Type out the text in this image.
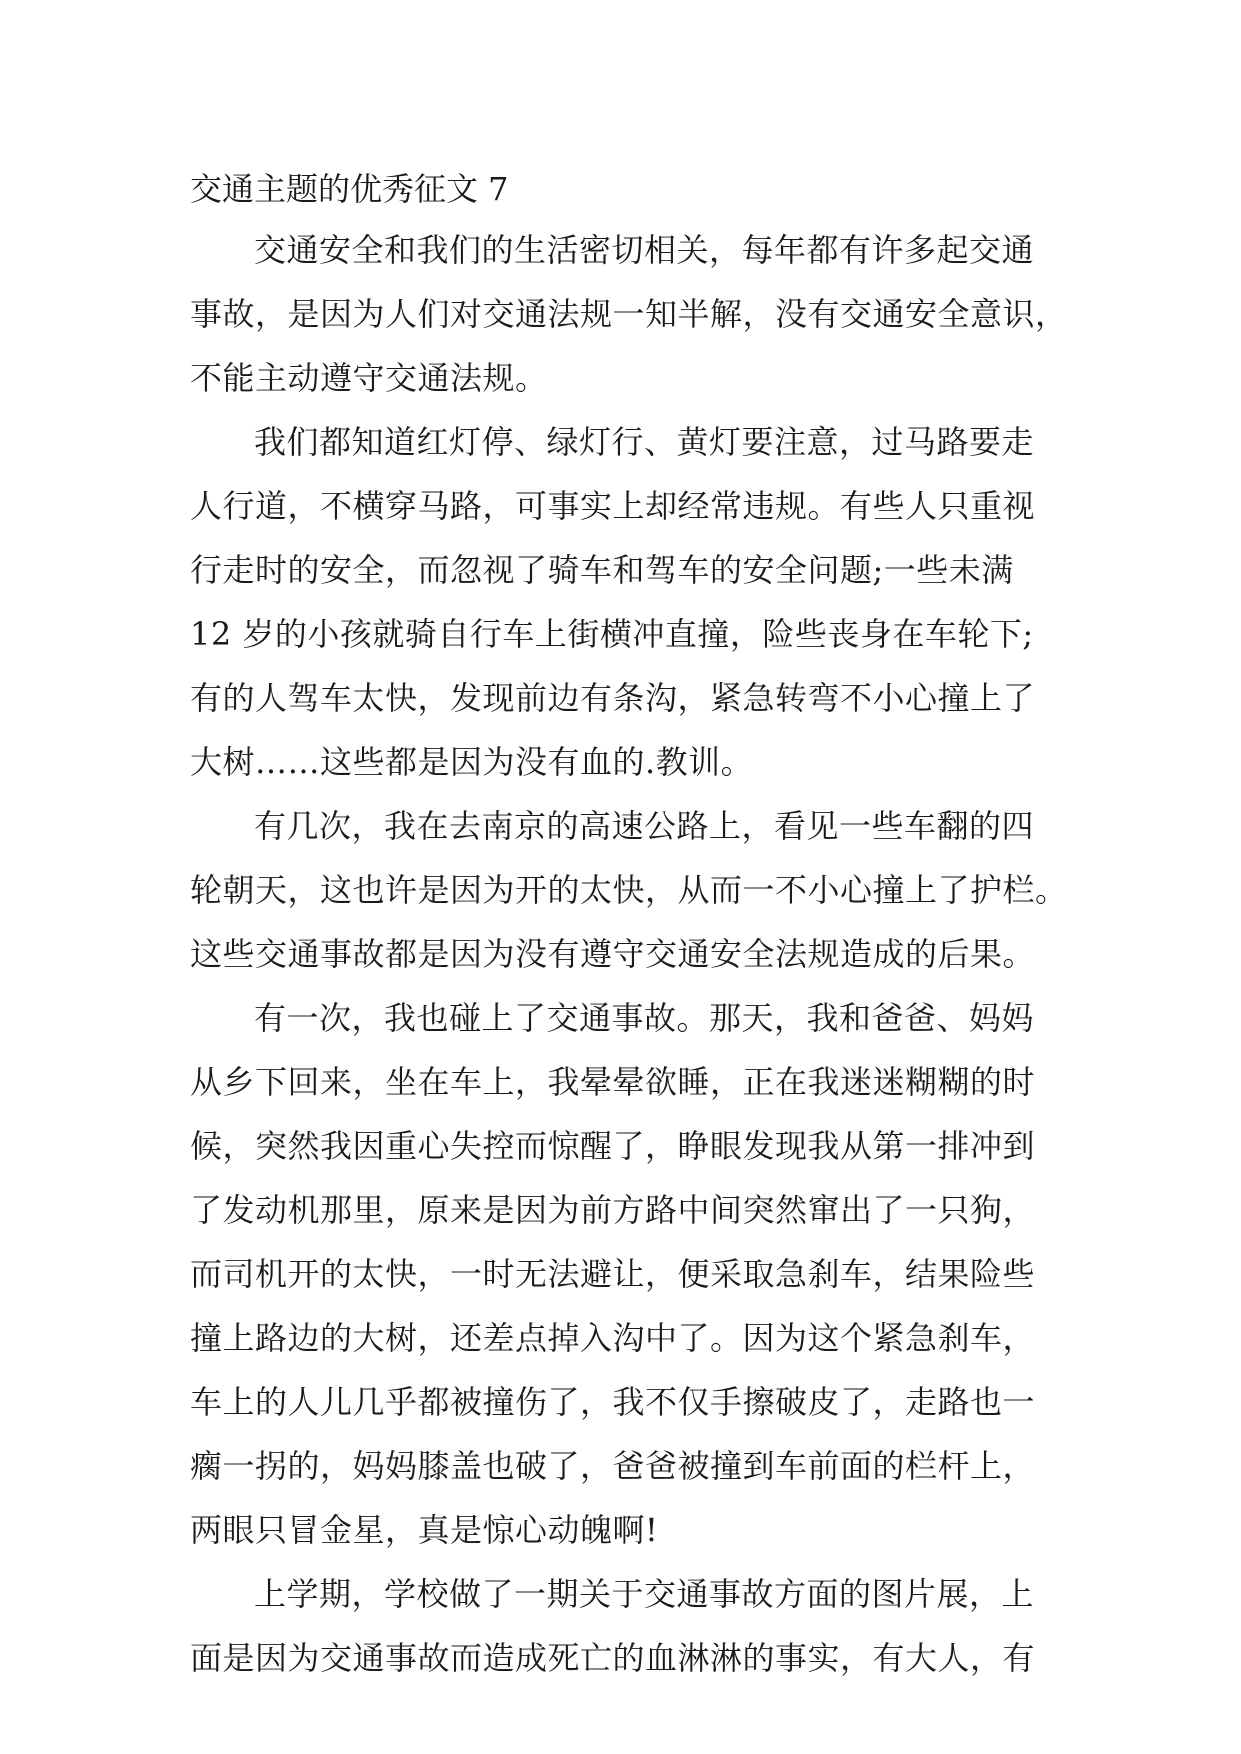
交通主题的优秀征文 7
交通安全和我们的生活密切相关，每年都有许多起交通
事故，是因为人们对交通法规一知半解，没有交通安全意识，
不能主动遵守交通法规。
我们都知道红灯停、绿灯行、黄灯要注意，过马路要走
人行道，不横穿马路，可事实上却经常违规。有些人只重视
行走时的安全，而忽视了骑车和驾车的安全问题;一些未满
12 岁的小孩就骑自行车上街横冲直撞，险些丧身在车轮下;
有的人驾车太快，发现前边有条沟，紧急转弯不小心撞上了
大树……这些都是因为没有血的.教训。
有几次，我在去南京的高速公路上，看见一些车翻的四
轮朝天，这也许是因为开的太快，从而一不小心撞上了护栏。
这些交通事故都是因为没有遵守交通安全法规造成的后果。
有一次，我也碰上了交通事故。那天，我和爸爸、妈妈
从乡下回来，坐在车上，我晕晕欲睡，正在我迷迷糊糊的时
候，突然我因重心失控而惊醒了，睁眼发现我从第一排冲到
了发动机那里，原来是因为前方路中间突然窜出了一只狗，
而司机开的太快，一时无法避让，便采取急刹车，结果险些
撞上路边的大树，还差点掉入沟中了。因为这个紧急刹车，
车上的人儿几乎都被撞伤了，我不仅手擦破皮了，走路也一
瘸一拐的，妈妈膝盖也破了，爸爸被撞到车前面的栏杆上，
两眼只冒金星，真是惊心动魄啊!
上学期，学校做了一期关于交通事故方面的图片展，上
面是因为交通事故而造成死亡的血淋淋的事实，有大人，有
